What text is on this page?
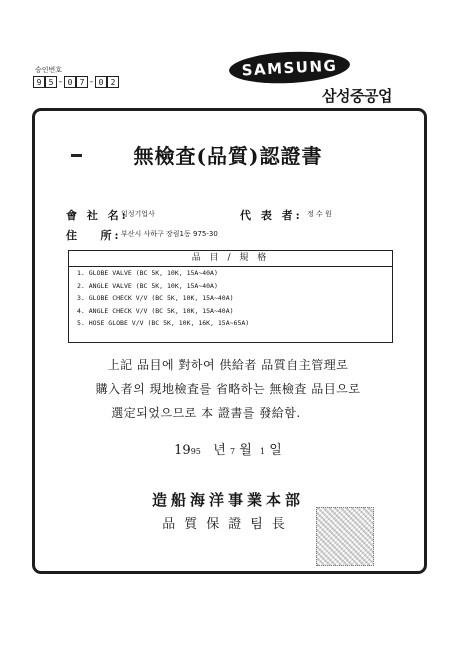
승인번호
9 5 - 0 7 - 0 2
SAMSUNG
삼성중공업
無檢査(品質)認證書
會 社 名:
일성기업사	代 表 者: 정 수 원
住   所: 부산시 사하구 장림1동 975-30
品 目 / 規 格
1. GLOBE VALVE (BC 5K, 10K, 15A~40A)
2. ANGLE VALVE (BC 5K, 10K, 15A~40A)
3. GLOBE CHECK V/V (BC 5K, 10K, 15A~40A)
4. ANGLE CHECK V/V (BC 5K, 10K, 15A~40A)
5. HOSE GLOBE V/V (BC 5K, 10K, 16K, 15A~65A)
上記 品目에 對하여 供給者 品質自主管理로
購入者의 現地檢査를 省略하는 無檢査 品目으로
選定되었으므로 本 證書를 發給함.
1995 년 7 월 1 일
造船海洋事業本部
品質保證팀長
